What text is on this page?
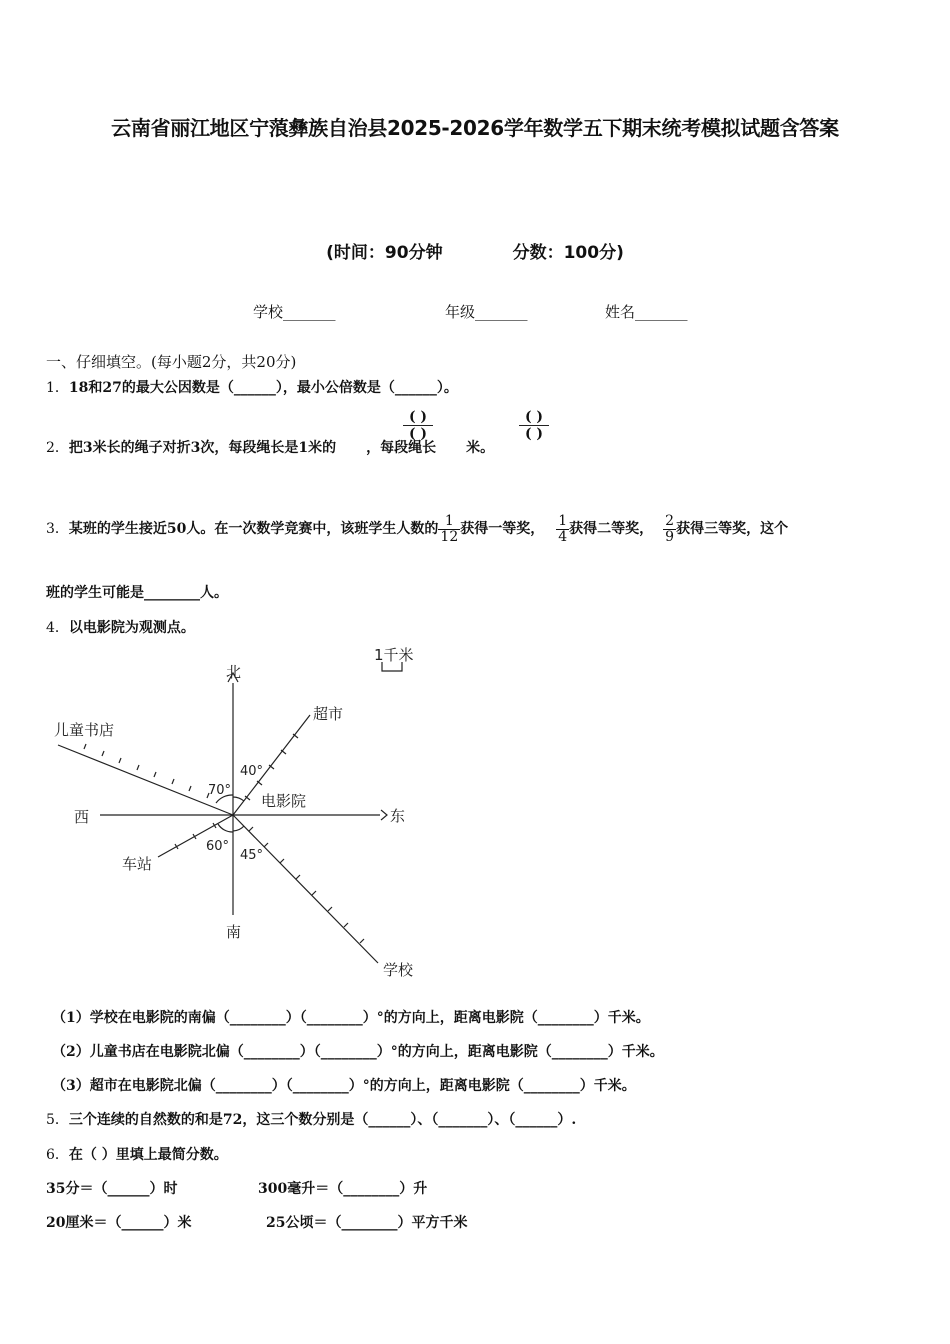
云南省丽江地区宁蒗彝族自治县2025-2026学年数学五下期末统考模拟试题含答案
(时间：90分钟	分数：100分)
学校_______	年级_______	姓名_______
一、仔细填空。(每小题2分，共20分)
1．18和27的最大公因数是（______），最小公倍数是（______）。
2．把3米长的绳子对折3次，每段绳长是1米的 ，每段绳长 米。
( )
( )
( )
( )
3．某班的学生接近50人。在一次数学竞赛中，该班学生人数的 $\frac{1}{12}$ 获得一等奖， $\frac{1}{4}$ 获得二等奖， $\frac{2}{9}$ 获得三等奖，这个
班的学生可能是________人。
4．以电影院为观测点。
北
南
东
西
电影院
1千米
儿童书店
超市
车站
学校
70°
40°
60°
45°
（1）学校在电影院的南偏（________）（________）°的方向上，距离电影院（________）千米。
（2）儿童书店在电影院北偏（________）（________）°的方向上，距离电影院（________）千米。
（3）超市在电影院北偏（________）（________）°的方向上，距离电影院（________）千米。
5．三个连续的自然数的和是72，这三个数分别是（______）、（_______）、（______）.
6．在（ ）里填上最简分数。
35分＝（______）时	300毫升＝（________）升
20厘米＝（______）米	25公顷＝（________）平方千米
